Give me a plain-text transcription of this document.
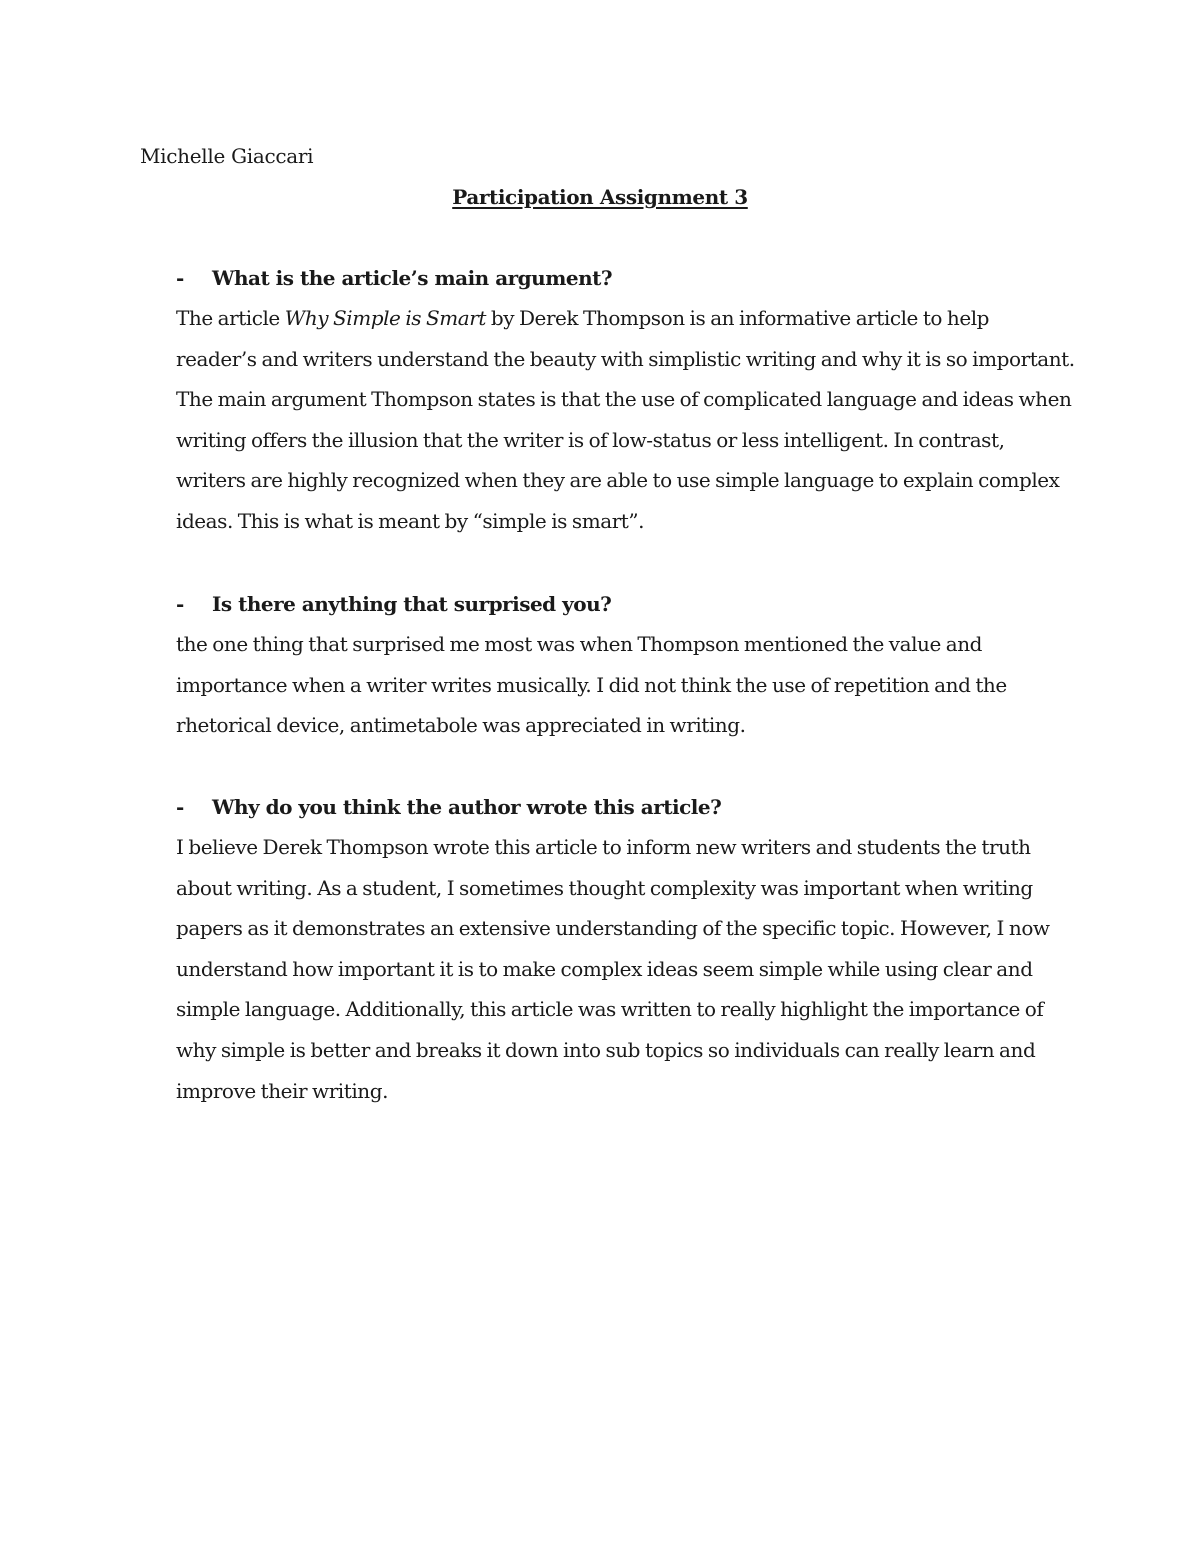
Michelle Giaccari
Participation Assignment 3
- What is the article’s main argument?
The article Why Simple is Smart by Derek Thompson is an informative article to help
reader’s and writers understand the beauty with simplistic writing and why it is so important.
The main argument Thompson states is that the use of complicated language and ideas when
writing offers the illusion that the writer is of low-status or less intelligent. In contrast,
writers are highly recognized when they are able to use simple language to explain complex
ideas. This is what is meant by “simple is smart”.
- Is there anything that surprised you?
the one thing that surprised me most was when Thompson mentioned the value and
importance when a writer writes musically. I did not think the use of repetition and the
rhetorical device, antimetabole was appreciated in writing.
- Why do you think the author wrote this article?
I believe Derek Thompson wrote this article to inform new writers and students the truth
about writing. As a student, I sometimes thought complexity was important when writing
papers as it demonstrates an extensive understanding of the specific topic. However, I now
understand how important it is to make complex ideas seem simple while using clear and
simple language. Additionally, this article was written to really highlight the importance of
why simple is better and breaks it down into sub topics so individuals can really learn and
improve their writing.
